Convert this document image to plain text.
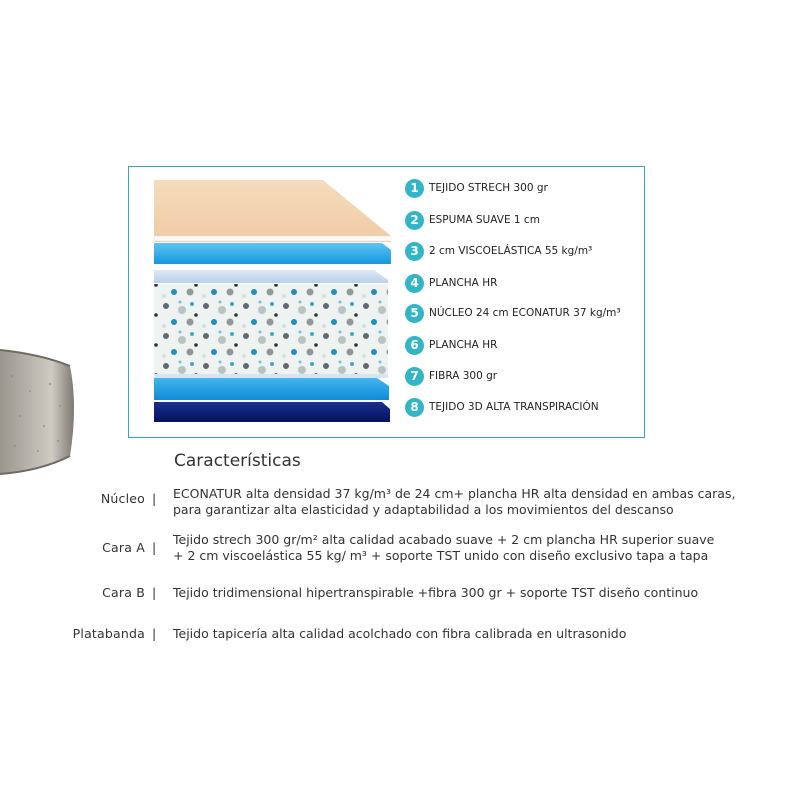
1 TEJIDO STRECH 300 gr
2 ESPUMA SUAVE 1 cm
3 2 cm VISCOELÁSTICA 55 kg/m³
4 PLANCHA HR
5 NÚCLEO 24 cm ECONATUR 37 kg/m³
6 PLANCHA HR
7 FIBRA 300 gr
8 TEJIDO 3D ALTA TRANSPIRACIÓN
Características
Núcleo | ECONATUR alta densidad 37 kg/m³ de 24 cm+ plancha HR alta densidad en ambas caras,
para garantizar alta elasticidad y adaptabilidad a los movimientos del descanso
Cara A |
Tejido strech 300 gr/m² alta calidad acabado suave + 2 cm plancha HR superior suave
+ 2 cm viscoelástica 55 kg/ m³ + soporte TST unido con diseño exclusivo tapa a tapa
Cara B | Tejido tridimensional hipertranspirable +fibra 300 gr + soporte TST diseño continuo
Platabanda | Tejido tapicería alta calidad acolchado con fibra calibrada en ultrasonido
